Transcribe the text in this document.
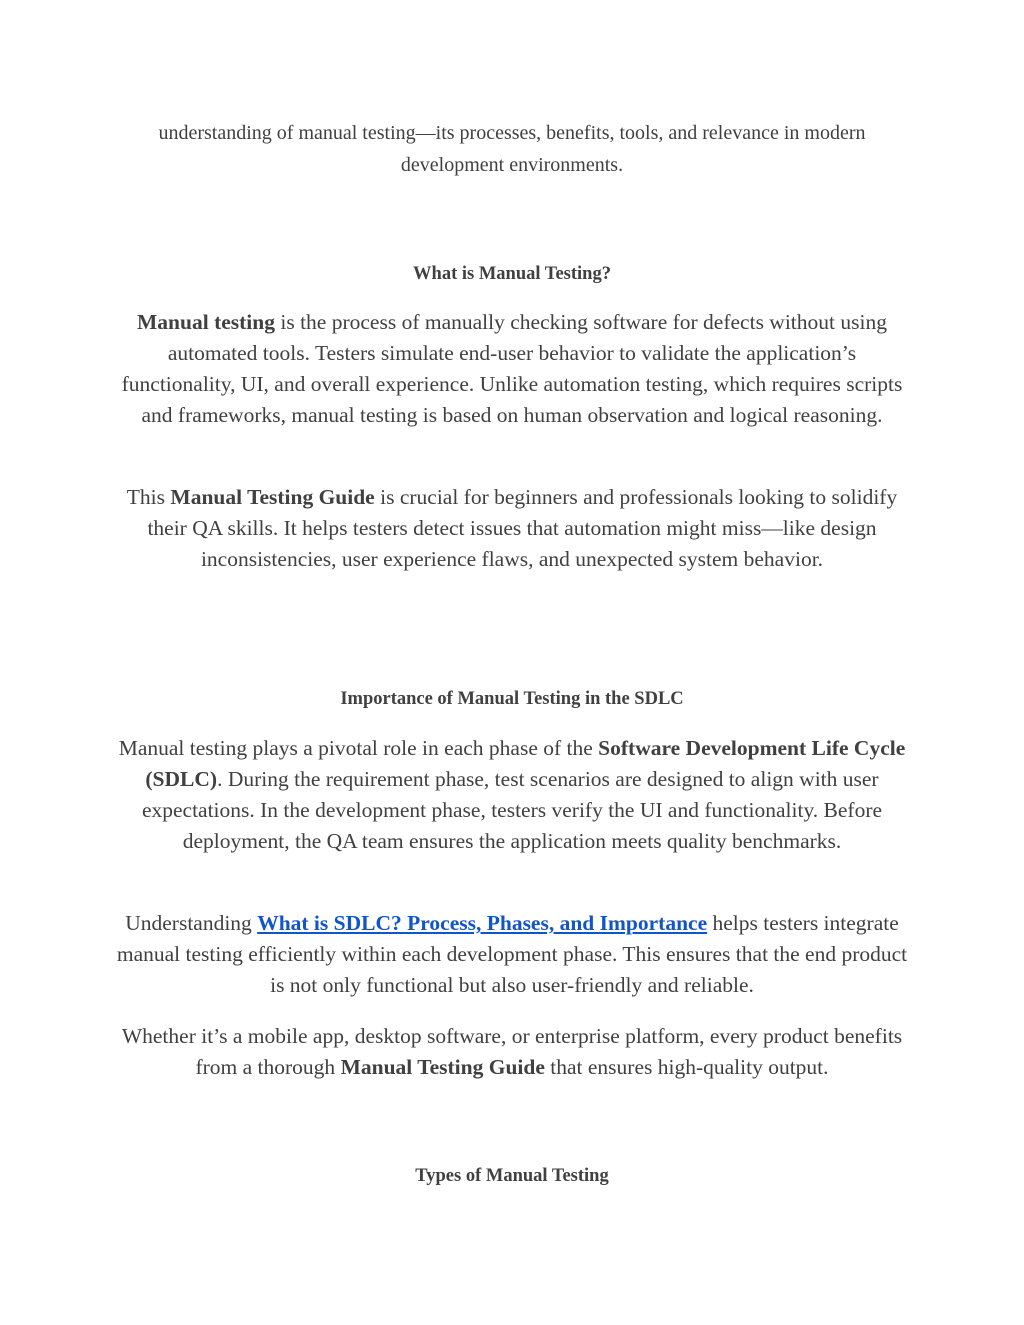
understanding of manual testing—its processes, benefits, tools, and relevance in modern development environments.

What is Manual Testing?

Manual testing is the process of manually checking software for defects without using automated tools. Testers simulate end-user behavior to validate the application’s functionality, UI, and overall experience. Unlike automation testing, which requires scripts and frameworks, manual testing is based on human observation and logical reasoning.

This Manual Testing Guide is crucial for beginners and professionals looking to solidify their QA skills. It helps testers detect issues that automation might miss—like design inconsistencies, user experience flaws, and unexpected system behavior.

Importance of Manual Testing in the SDLC

Manual testing plays a pivotal role in each phase of the Software Development Life Cycle (SDLC). During the requirement phase, test scenarios are designed to align with user expectations. In the development phase, testers verify the UI and functionality. Before deployment, the QA team ensures the application meets quality benchmarks.

Understanding What is SDLC? Process, Phases, and Importance helps testers integrate manual testing efficiently within each development phase. This ensures that the end product is not only functional but also user-friendly and reliable.

Whether it’s a mobile app, desktop software, or enterprise platform, every product benefits from a thorough Manual Testing Guide that ensures high-quality output.

Types of Manual Testing
